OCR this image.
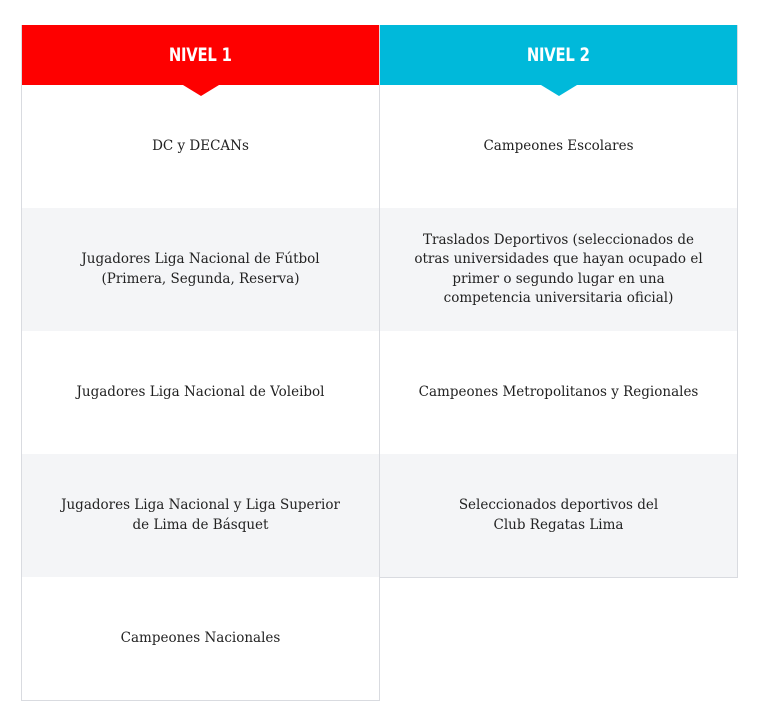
NIVEL 1
DC y DECANs
Jugadores Liga Nacional de Fútbol
(Primera, Segunda, Reserva)
Jugadores Liga Nacional de Voleibol
Jugadores Liga Nacional y Liga Superior
de Lima de Básquet
Campeones Nacionales
NIVEL 2
Campeones Escolares
Traslados Deportivos (seleccionados de
otras universidades que hayan ocupado el
primer o segundo lugar en una
competencia universitaria oficial)
Campeones Metropolitanos y Regionales
Seleccionados deportivos del
Club Regatas Lima
